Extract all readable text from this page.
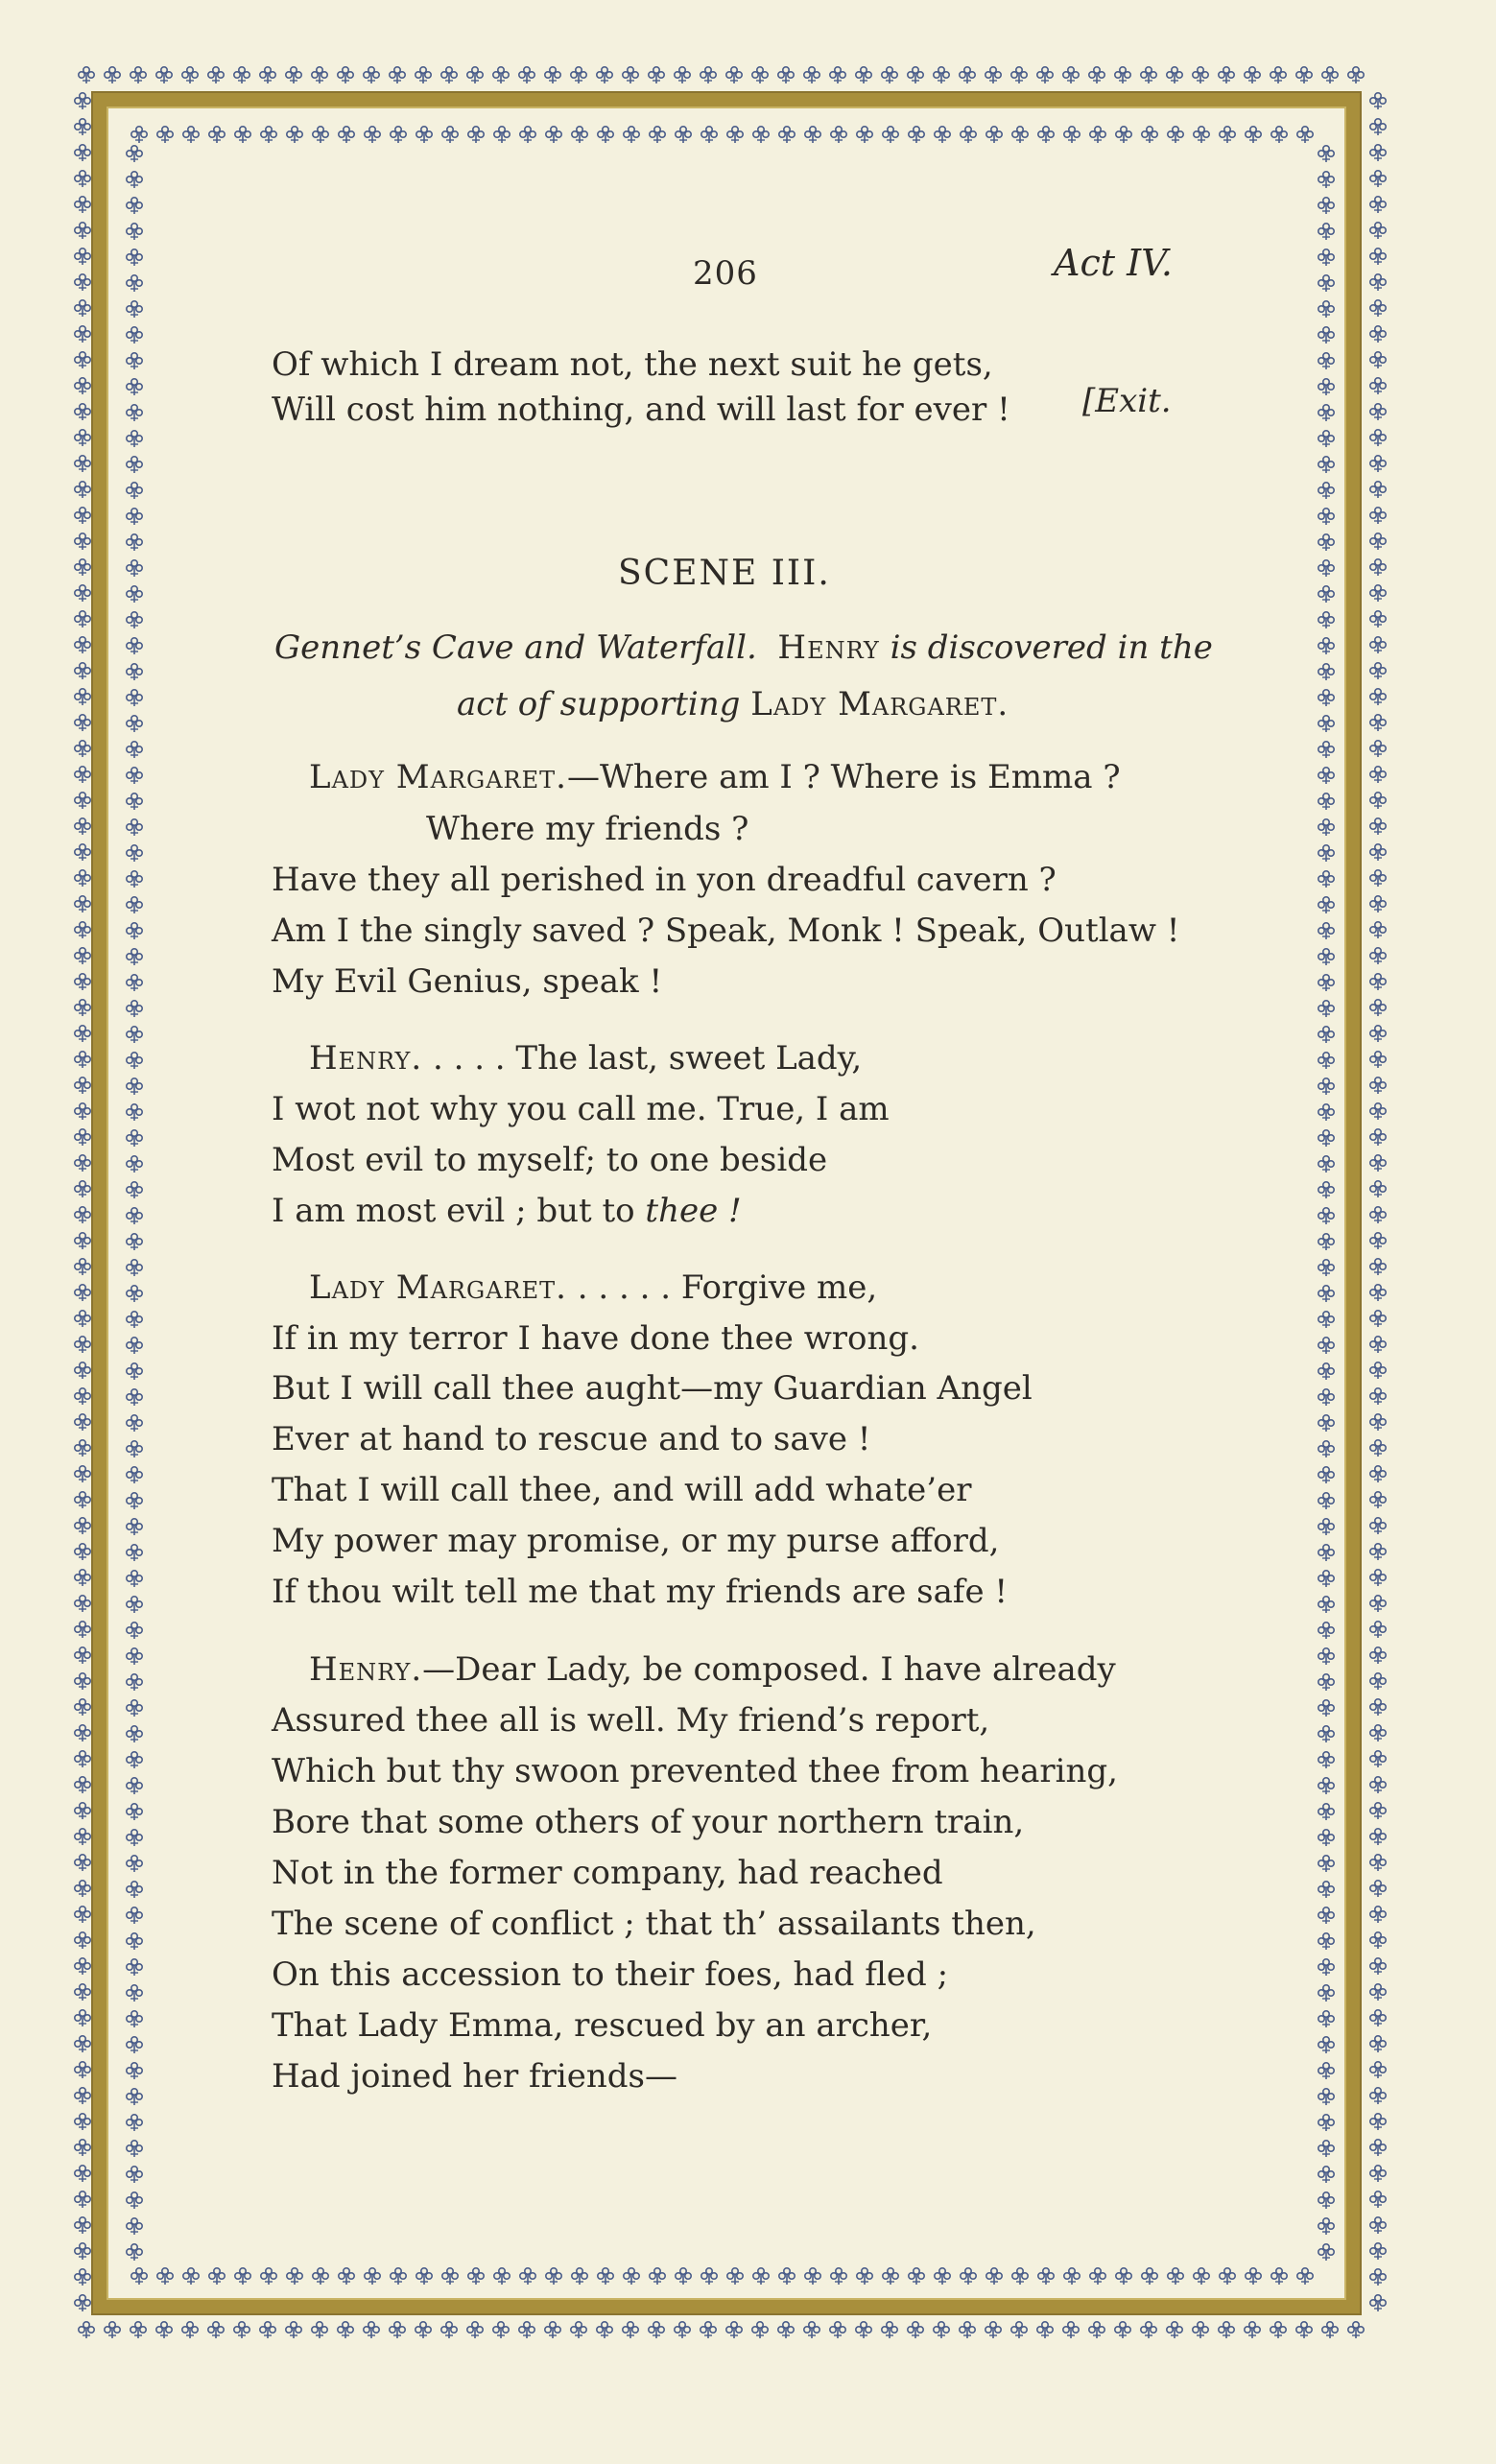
206	Act IV.
Of which I dream not, the next suit he gets,
Will cost him nothing, and will last for ever ! [Exit.
SCENE III.
Gennet’s Cave and Waterfall. Henry is discovered in the
act of supporting Lady Margaret.
Lady Margaret.—Where am I ? Where is Emma ?
Where my friends ?
Have they all perished in yon dreadful cavern ?
Am I the singly saved ? Speak, Monk ! Speak, Outlaw !
My Evil Genius, speak !
Henry. . . . . The last, sweet Lady,
I wot not why you call me. True, I am
Most evil to myself; to one beside
I am most evil ; but to thee !
Lady Margaret. . . . . . Forgive me,
If in my terror I have done thee wrong.
But I will call thee aught—my Guardian Angel
Ever at hand to rescue and to save !
That I will call thee, and will add whate’er
My power may promise, or my purse afford,
If thou wilt tell me that my friends are safe !
Henry.—Dear Lady, be composed. I have already
Assured thee all is well. My friend’s report,
Which but thy swoon prevented thee from hearing,
Bore that some others of your northern train,
Not in the former company, had reached
The scene of conflict ; that th’ assailants then,
On this accession to their foes, had fled ;
That Lady Emma, rescued by an archer,
Had joined her friends—
